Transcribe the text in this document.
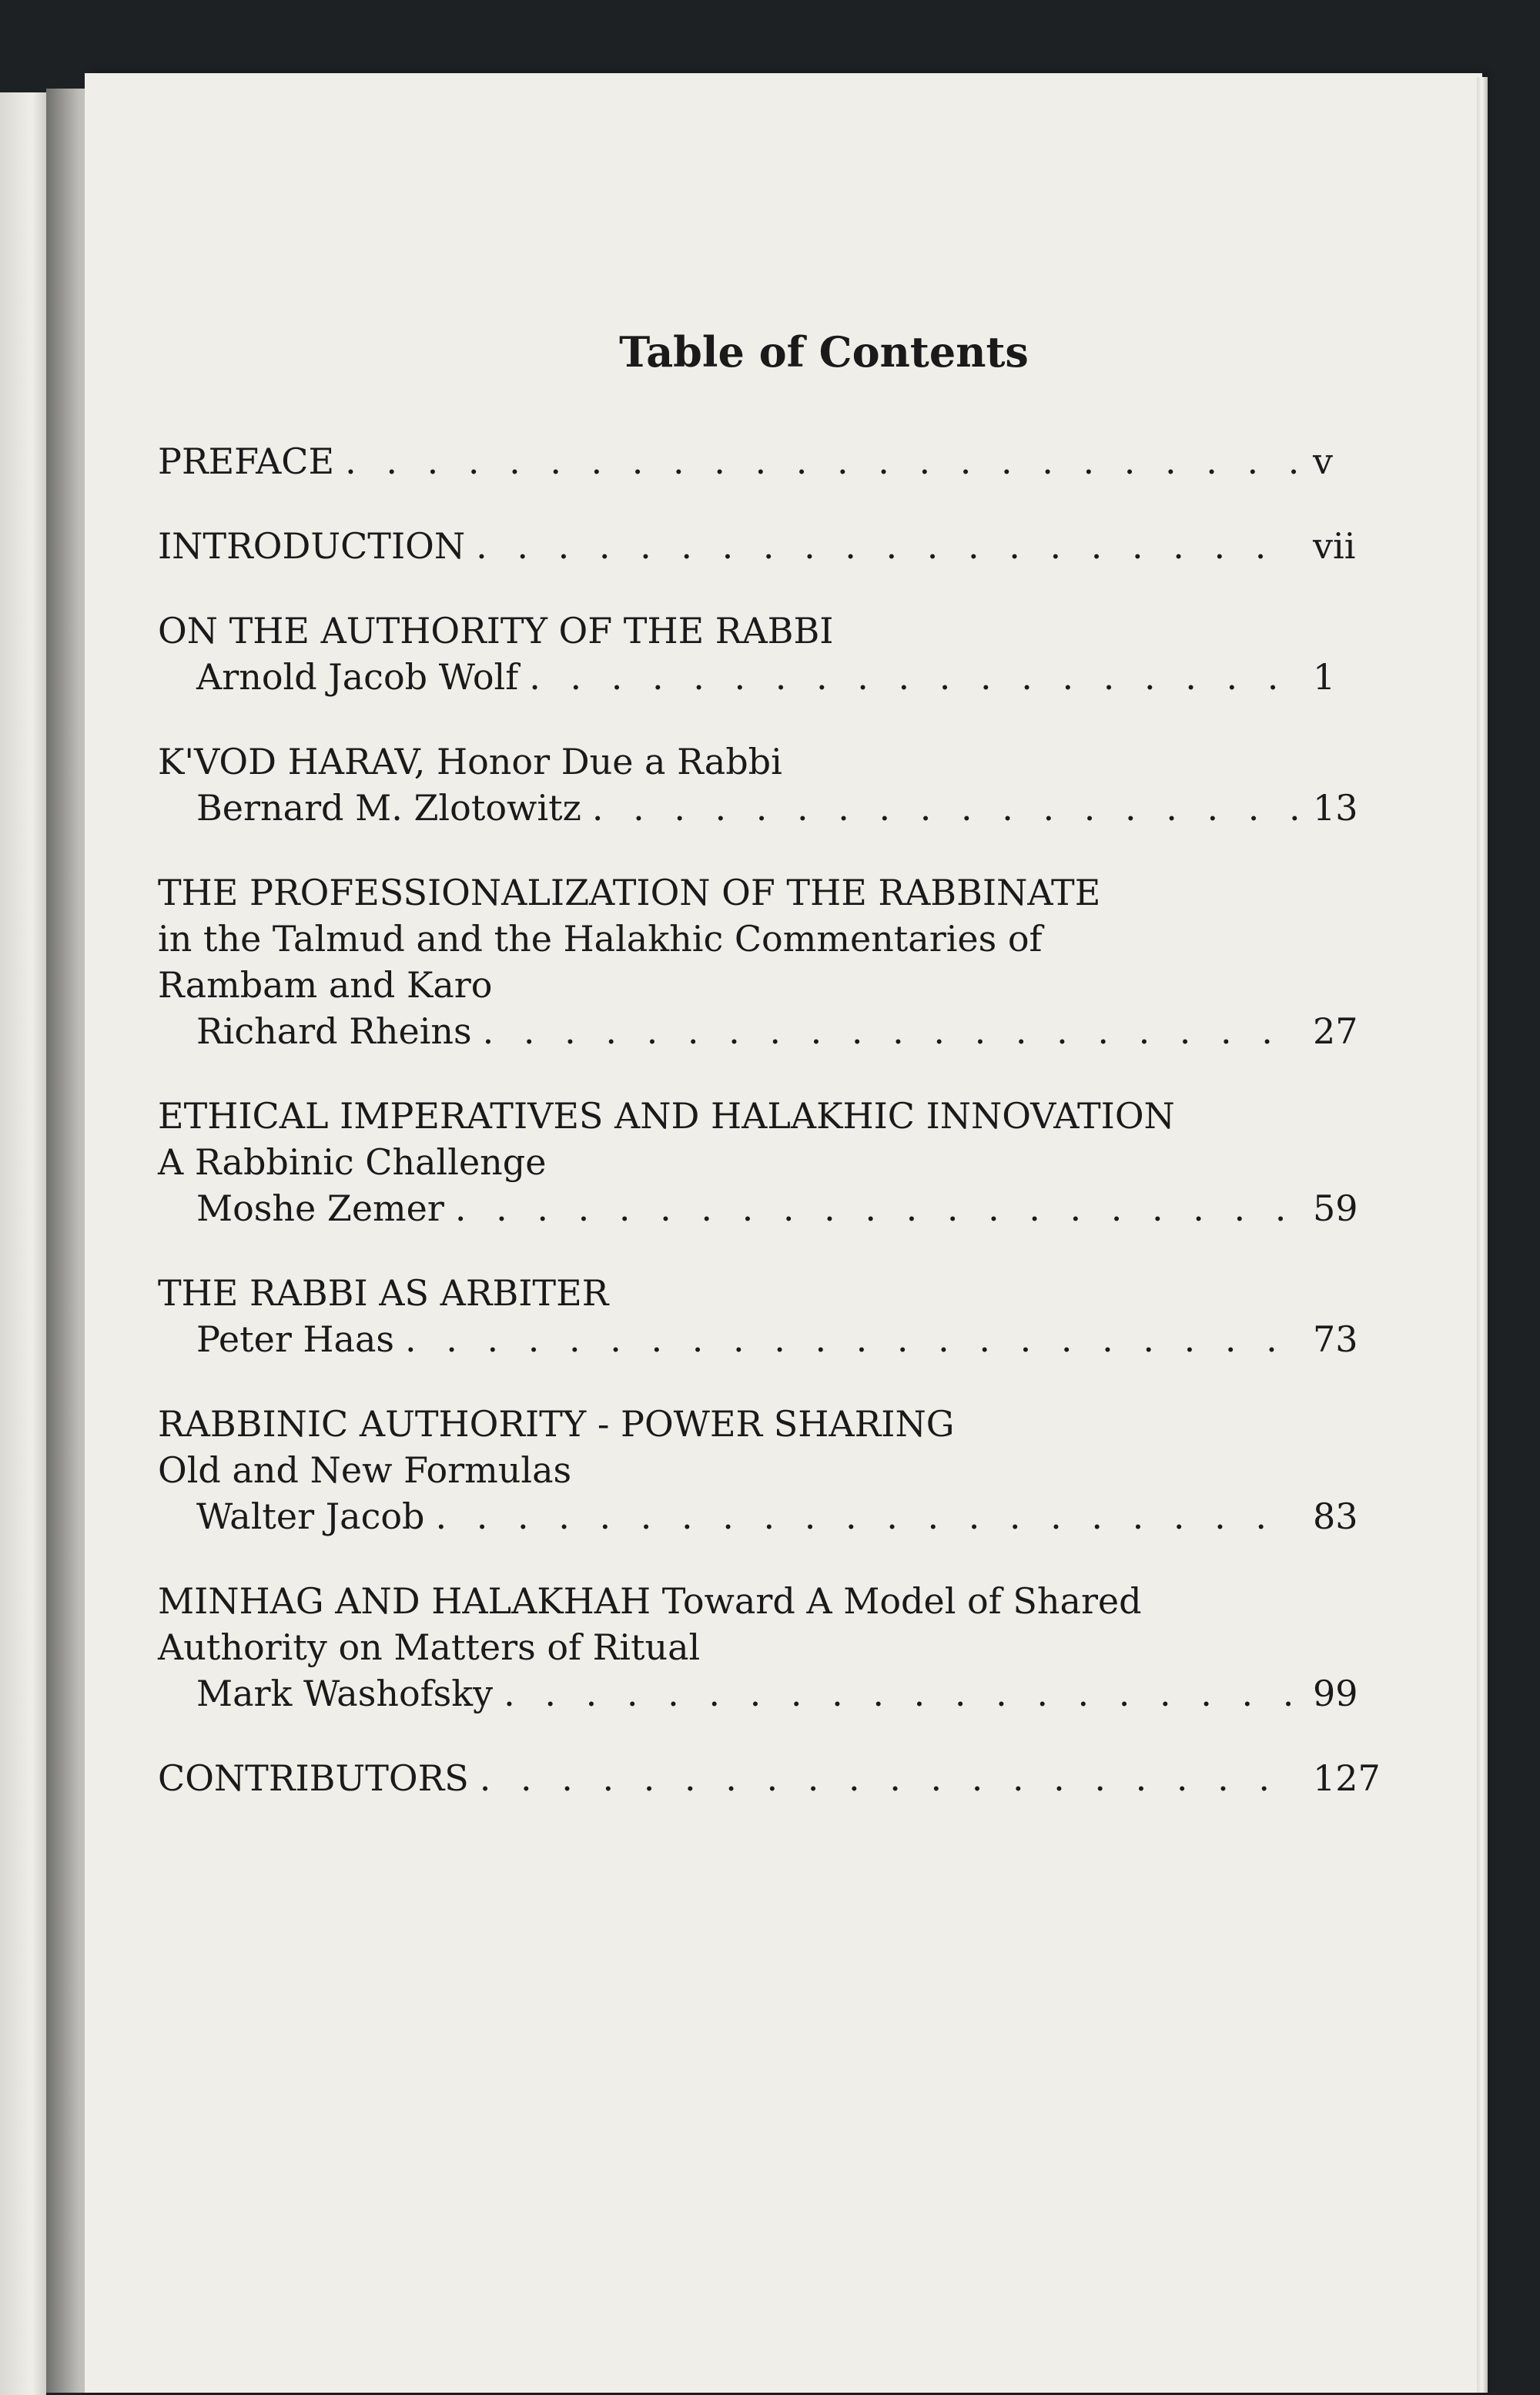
Table of Contents
PREFACE . . .	v
INTRODUCTION . . .	vii
ON THE AUTHORITY OF THE RABBI
Arnold Jacob Wolf . . .	1
K'VOD HARAV, Honor Due a Rabbi
Bernard M. Zlotowitz . . .	13
THE PROFESSIONALIZATION OF THE RABBINATE
in the Talmud and the Halakhic Commentaries of
Rambam and Karo
Richard Rheins . . .	27
ETHICAL IMPERATIVES AND HALAKHIC INNOVATION
A Rabbinic Challenge
Moshe Zemer . . .	59
THE RABBI AS ARBITER
Peter Haas . . .	73
RABBINIC AUTHORITY - POWER SHARING
Old and New Formulas
Walter Jacob . . .	83
MINHAG AND HALAKHAH Toward A Model of Shared
Authority on Matters of Ritual
Mark Washofsky . . .	99
CONTRIBUTORS . . .	127
